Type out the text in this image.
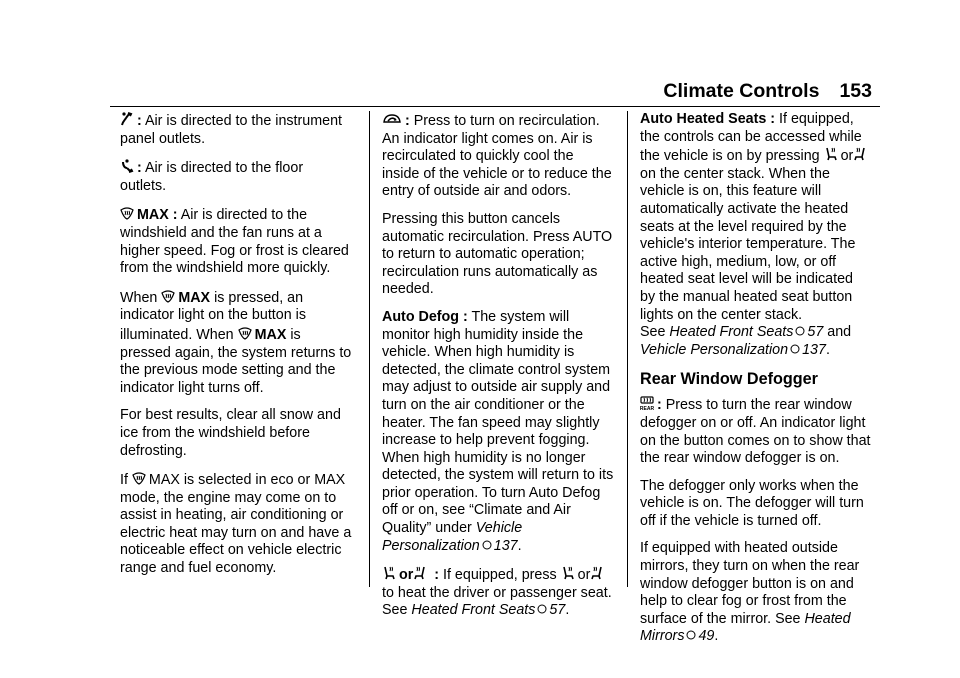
Climate Controls 153

: Air is directed to the instrument panel outlets.

: Air is directed to the floor outlets.

MAX : Air is directed to the windshield and the fan runs at a higher speed. Fog or frost is cleared from the windshield more quickly.

When
MAX is pressed, an indicator light on the button is illuminated. When
MAX is pressed again, the system returns to the previous mode setting and the indicator light turns off.

For best results, clear all snow and ice from the windshield before defrosting.

If
MAX is selected in eco or MAX mode, the engine may come on to assist in heating, air conditioning or electric heat may turn on and have a noticeable effect on vehicle electric range and fuel economy.

: Press to turn on recirculation. An indicator light comes on. Air is recirculated to quickly cool the inside of the vehicle or to reduce the entry of outside air and odors.

Pressing this button cancels automatic recirculation. Press AUTO to return to automatic operation; recirculation runs automatically as needed.

Auto Defog : The system will monitor high humidity inside the vehicle. When high humidity is detected, the climate control system may adjust to outside air supply and turn on the air conditioner or the heater. The fan speed may slightly increase to help prevent fogging. When high humidity is no longer detected, the system will return to its prior operation. To turn Auto Defog off or on, see “Climate and Air Quality” under Vehicle Personalization 137.

or
: If equipped, press
or
to heat the driver or passenger seat. See Heated Front Seats 57.

Auto Heated Seats : If equipped, the controls can be accessed while the vehicle is on by pressing
or
on the center stack. When the vehicle is on, this feature will automatically activate the heated seats at the level required by the vehicle's interior temperature. The active high, medium, low, or off heated seat level will be indicated by the manual heated seat button lights on the center stack.
See Heated Front Seats 57 and
Vehicle Personalization 137.

Rear Window Defogger

REAR : Press to turn the rear window defogger on or off. An indicator light on the button comes on to show that the rear window defogger is on.

The defogger only works when the vehicle is on. The defogger will turn off if the vehicle is turned off.

If equipped with heated outside mirrors, they turn on when the rear window defogger button is on and help to clear fog or frost from the surface of the mirror. See Heated Mirrors 49.
